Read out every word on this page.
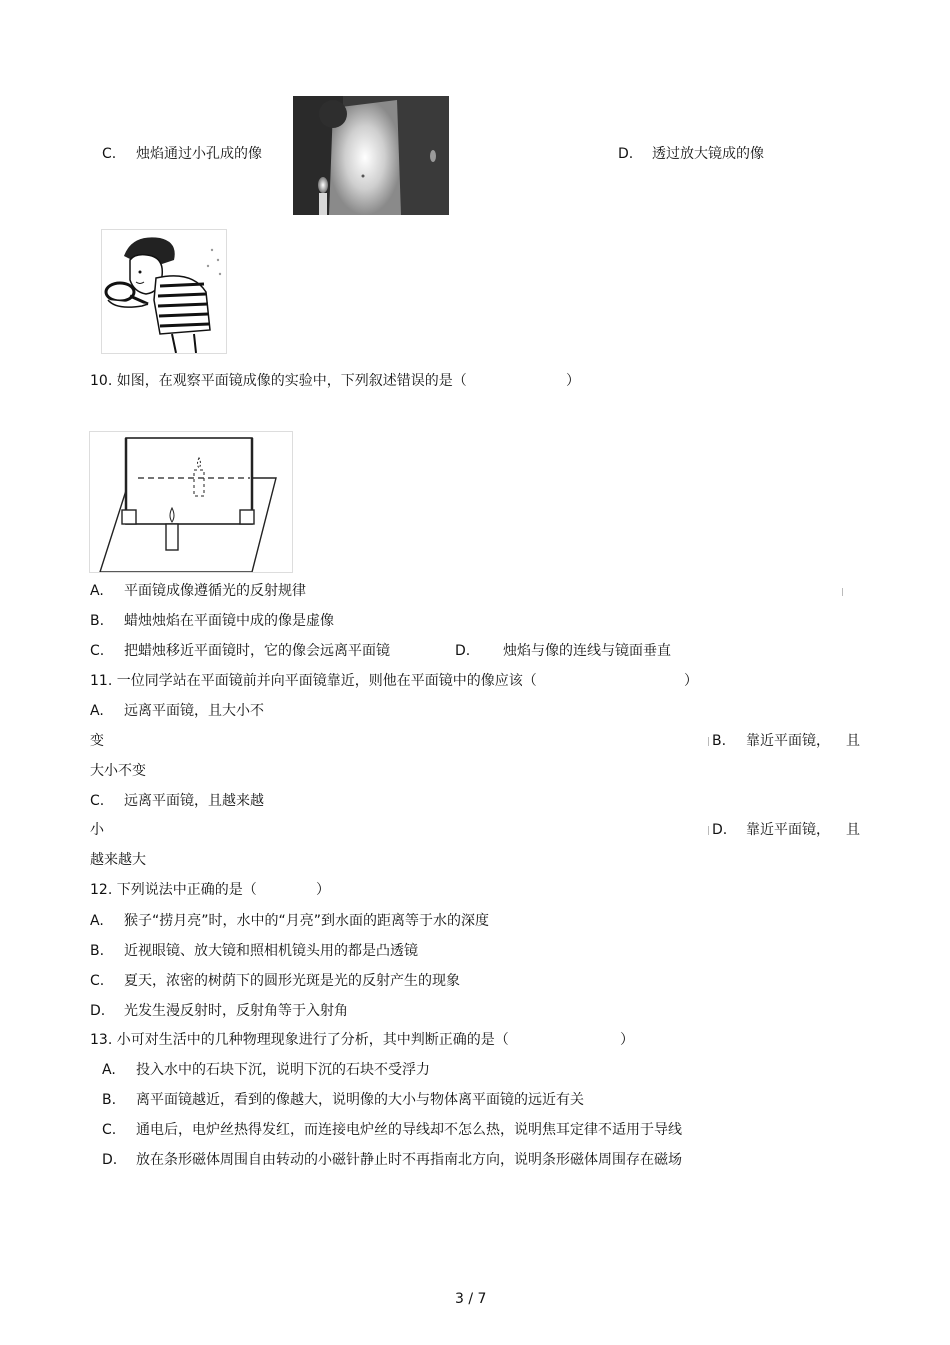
C. 烛焰通过小孔成的像	D. 透过放大镜成的像
10. 如图，在观察平面镜成像的实验中，下列叙述错误的是（	）
A. 平面镜成像遵循光的反射规律
B. 蜡烛烛焰在平面镜中成的像是虚像
C. 把蜡烛移近平面镜时，它的像会远离平面镜	D. 烛焰与像的连线与镜面垂直
11. 一位同学站在平面镜前并向平面镜靠近，则他在平面镜中的像应该（	）
A. 远离平面镜，且大小不
变	B. 靠近平面镜， 且
大小不变
C. 远离平面镜，且越来越
小	D. 靠近平面镜， 且
越来越大
12. 下列说法中正确的是（	）
A. 猴子“捞月亮”时，水中的“月亮”到水面的距离等于水的深度
B. 近视眼镜、放大镜和照相机镜头用的都是凸透镜
C. 夏天，浓密的树荫下的圆形光斑是光的反射产生的现象
D. 光发生漫反射时，反射角等于入射角
13. 小可对生活中的几种物理现象进行了分析，其中判断正确的是（	）
A. 投入水中的石块下沉，说明下沉的石块不受浮力
B. 离平面镜越近，看到的像越大，说明像的大小与物体离平面镜的远近有关
C. 通电后，电炉丝热得发红，而连接电炉丝的导线却不怎么热，说明焦耳定律不适用于导线
D. 放在条形磁体周围自由转动的小磁针静止时不再指南北方向，说明条形磁体周围存在磁场
3 / 7
